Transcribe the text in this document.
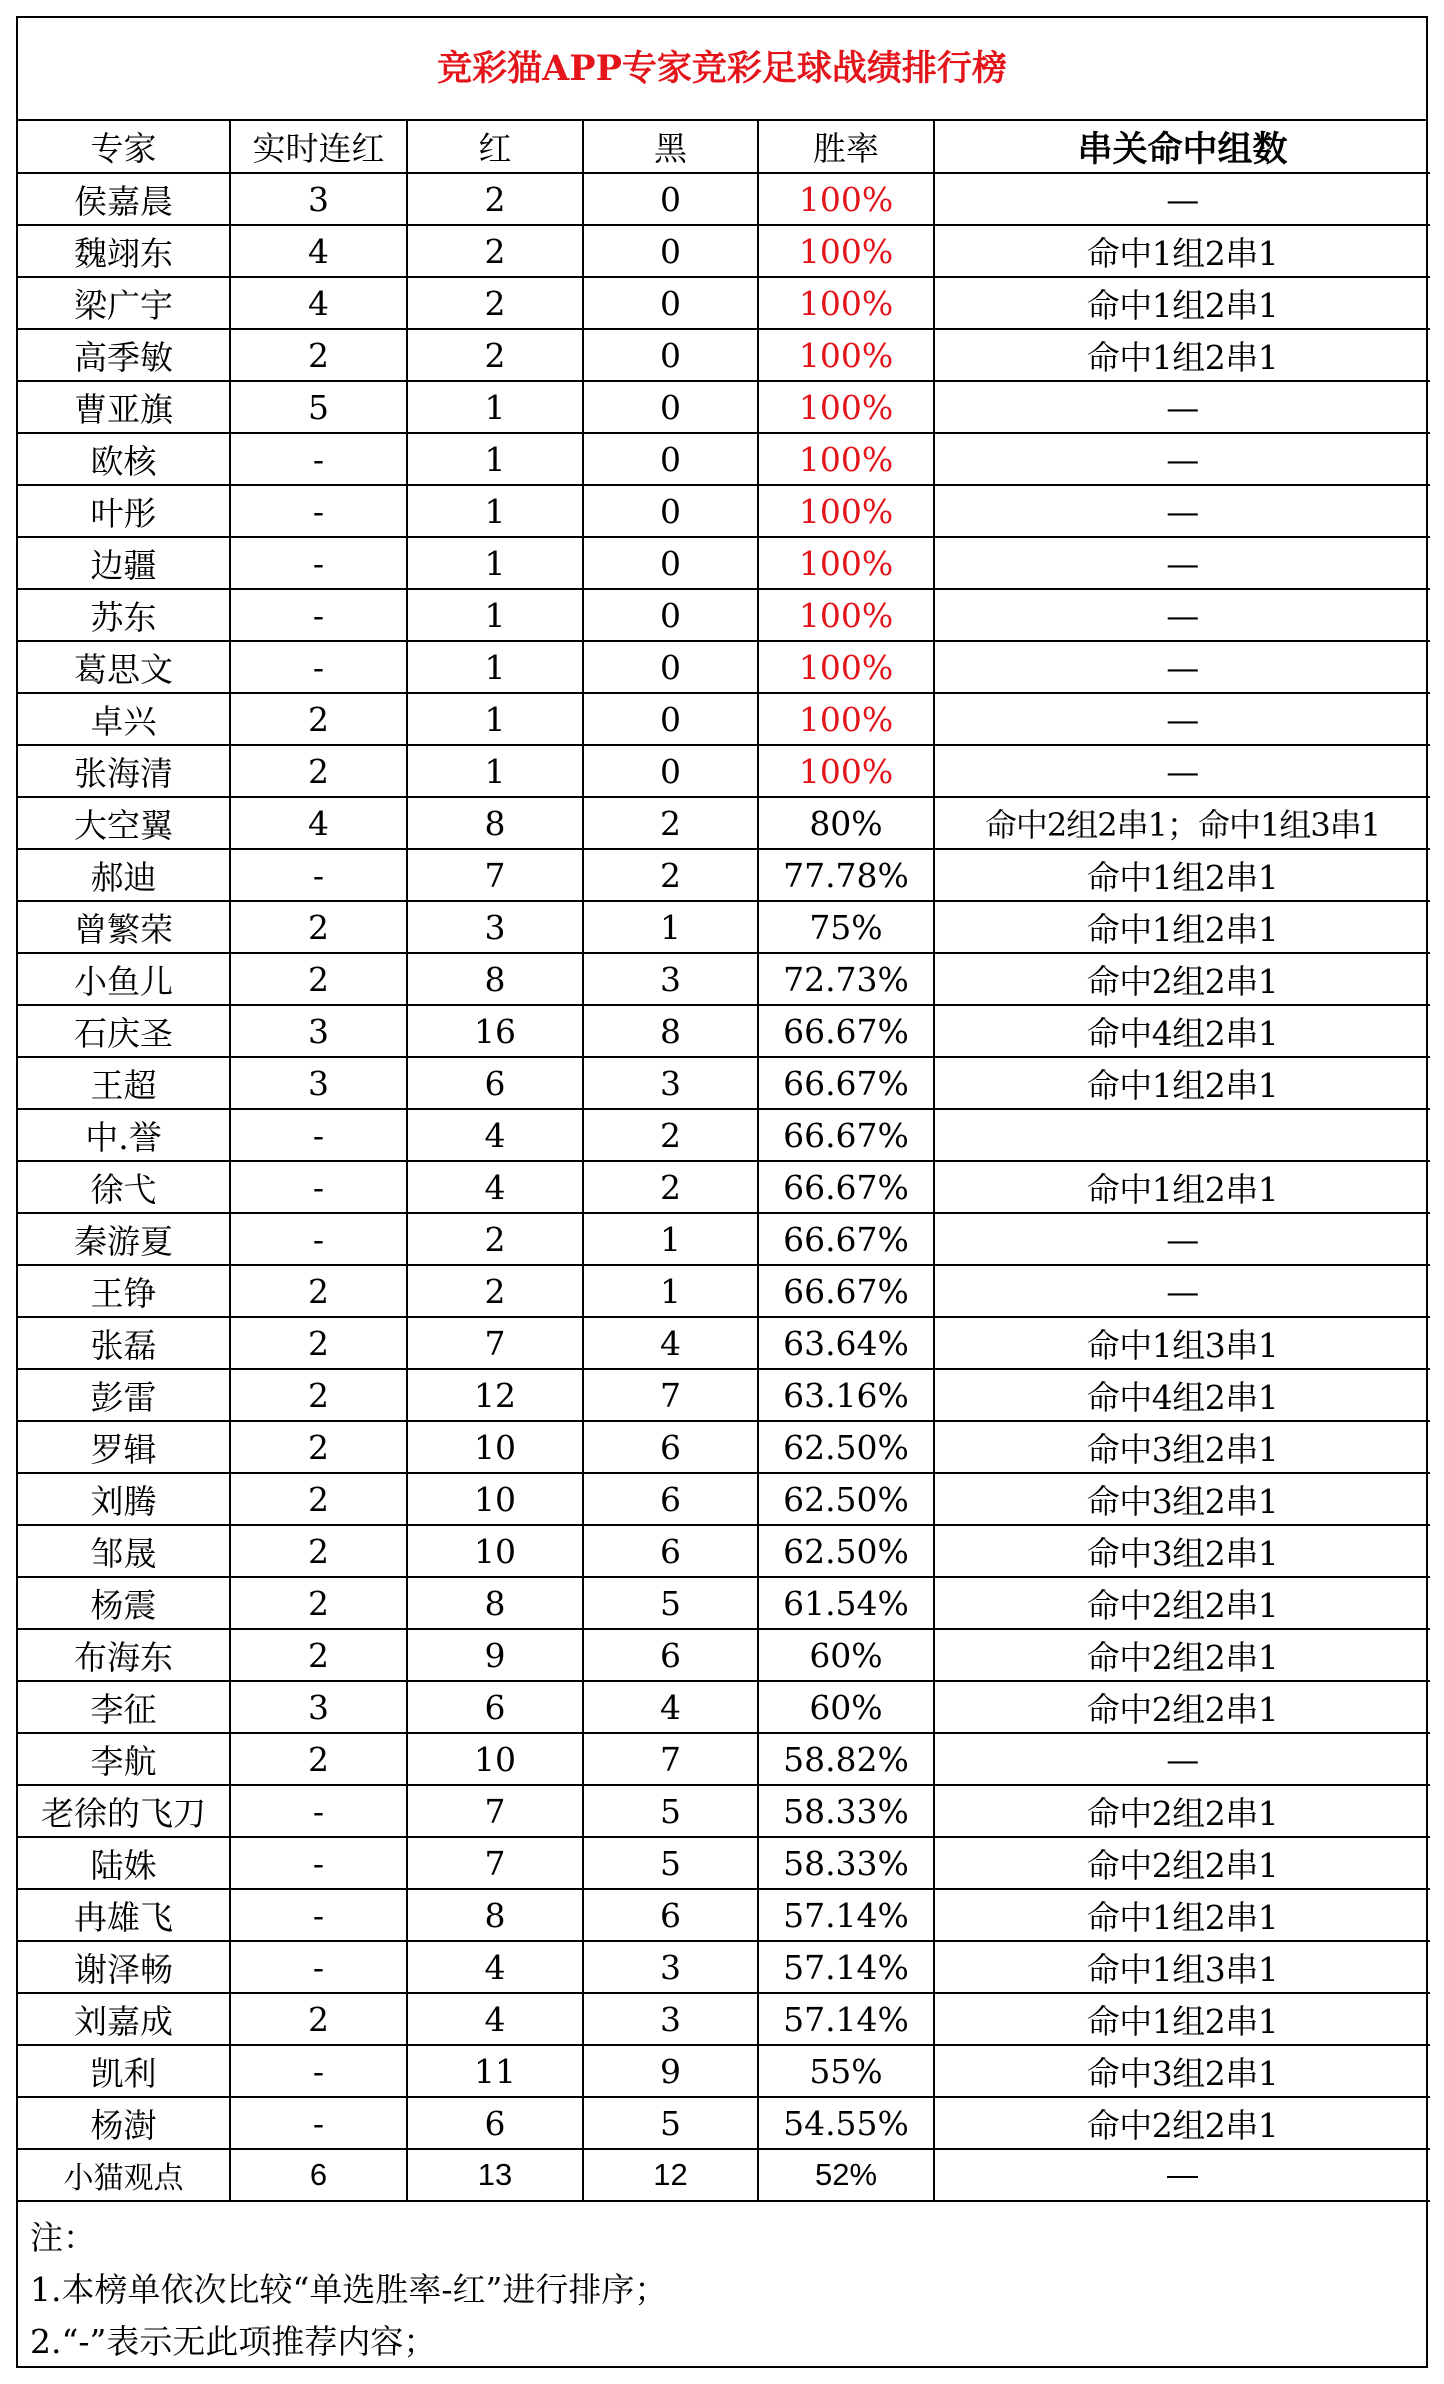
竞彩猫APP专家竞彩足球战绩排行榜
专家	实时连红	红	黑	胜率	串关命中组数
侯嘉晨	3	2	0	100%	—
魏翊东	4	2	0	100%	命中1组2串1
梁广宇	4	2	0	100%	命中1组2串1
高季敏	2	2	0	100%	命中1组2串1
曹亚旗	5	1	0	100%	—
欧核	-	1	0	100%	—
叶彤	-	1	0	100%	—
边疆	-	1	0	100%	—
苏东	-	1	0	100%	—
葛思文	-	1	0	100%	—
卓兴	2	1	0	100%	—
张海清	2	1	0	100%	—
大空翼	4	8	2	80%	命中2组2串1；命中1组3串1
郝迪	-	7	2	77.78%	命中1组2串1
曾繁荣	2	3	1	75%	命中1组2串1
小鱼儿	2	8	3	72.73%	命中2组2串1
石庆圣	3	16	8	66.67%	命中4组2串1
王超	3	6	3	66.67%	命中1组2串1
中.誉	-	4	2	66.67%	
徐弋	-	4	2	66.67%	命中1组2串1
秦游夏	-	2	1	66.67%	—
王铮	2	2	1	66.67%	—
张磊	2	7	4	63.64%	命中1组3串1
彭雷	2	12	7	63.16%	命中4组2串1
罗辑	2	10	6	62.50%	命中3组2串1
刘腾	2	10	6	62.50%	命中3组2串1
邹晟	2	10	6	62.50%	命中3组2串1
杨震	2	8	5	61.54%	命中2组2串1
布海东	2	9	6	60%	命中2组2串1
李征	3	6	4	60%	命中2组2串1
李航	2	10	7	58.82%	—
老徐的飞刀	-	7	5	58.33%	命中2组2串1
陆姝	-	7	5	58.33%	命中2组2串1
冉雄飞	-	8	6	57.14%	命中1组2串1
谢泽畅	-	4	3	57.14%	命中1组3串1
刘嘉成	2	4	3	57.14%	命中1组2串1
凯利	-	11	9	55%	命中3组2串1
杨澍	-	6	5	54.55%	命中2组2串1
小猫观点	6	13	12	52%	—
注：
1.本榜单依次比较“单选胜率-红”进行排序；
2.“-”表示无此项推荐内容；
